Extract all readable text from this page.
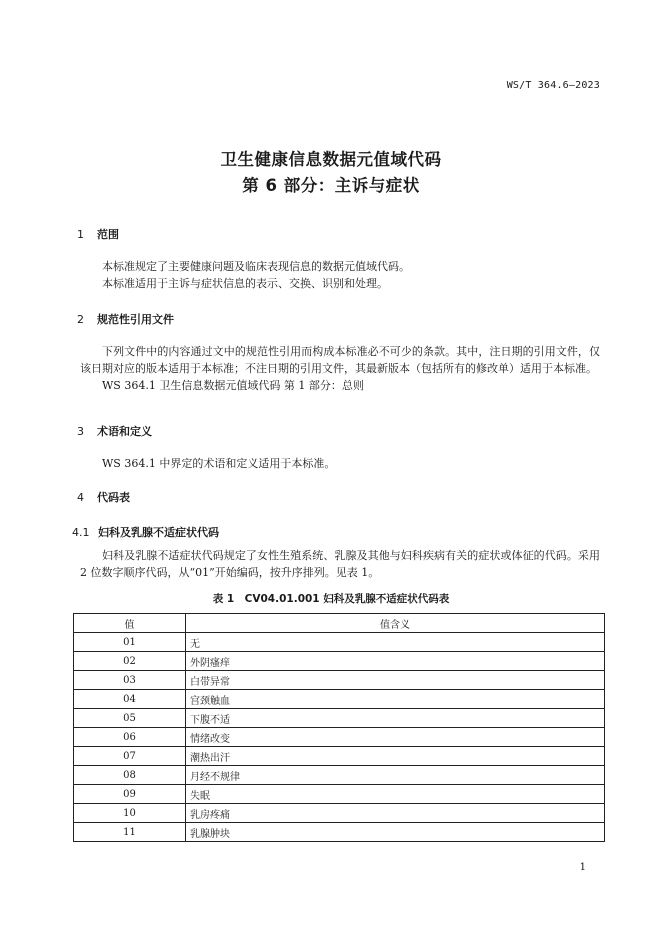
WS/T 364.6—2023
卫生健康信息数据元值域代码
第 6 部分：主诉与症状
1 范围

本标准规定了主要健康问题及临床表现信息的数据元值域代码。

本标准适用于主诉与症状信息的表示、交换、识别和处理。

2 规范性引用文件

下列文件中的内容通过文中的规范性引用而构成本标准必不可少的条款。其中，注日期的引用文件，仅该日期对应的版本适用于本标准；不注日期的引用文件，其最新版本（包括所有的修改单）适用于本标准。

WS 364.1 卫生信息数据元值域代码 第 1 部分：总则

3 术语和定义

WS 364.1 中界定的术语和定义适用于本标准。

4 代码表
4.1 妇科及乳腺不适症状代码

妇科及乳腺不适症状代码规定了女性生殖系统、乳腺及其他与妇科疾病有关的症状或体征的代码。采用 2 位数字顺序代码，从“01”开始编码，按升序排列。见表 1。

表 1　CV04.01.001 妇科及乳腺不适症状代码表
值	值含义
01	无
02	外阴瘙痒
03	白带异常
04	宫颈触血
05	下腹不适
06	情绪改变
07	潮热出汗
08	月经不规律
09	失眠
10	乳房疼痛
11	乳腺肿块
1
